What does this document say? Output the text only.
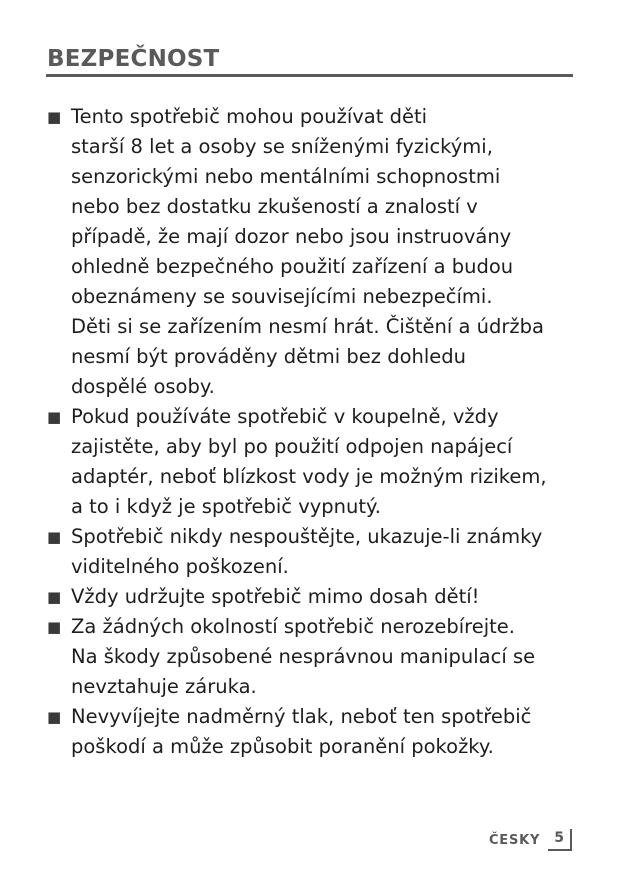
BEZPEČNOST
■ Tento spotřebič mohou používat děti
starší 8 let a osoby se sníženými fyzickými,
senzorickými nebo mentálními schopnostmi
nebo bez dostatku zkušeností a znalostí v
případě, že mají dozor nebo jsou instruovány
ohledně bezpečného použití zařízení a budou
obeznámeny se souvisejícími nebezpečími.
Děti si se zařízením nesmí hrát. Čištění a údržba
nesmí být prováděny dětmi bez dohledu
dospělé osoby.
■ Pokud používáte spotřebič v koupelně, vždy
zajistěte, aby byl po použití odpojen napájecí
adaptér, neboť blízkost vody je možným rizikem,
a to i když je spotřebič vypnutý.
■ Spotřebič nikdy nespouštějte, ukazuje-li známky
viditelného poškození.
■ Vždy udržujte spotřebič mimo dosah dětí!
■ Za žádných okolností spotřebič nerozebírejte.
Na škody způsobené nesprávnou manipulací se
nevztahuje záruka.
■ Nevyvíjejte nadměrný tlak, neboť ten spotřebič
poškodí a může způsobit poranění pokožky.
ČESKY	5
